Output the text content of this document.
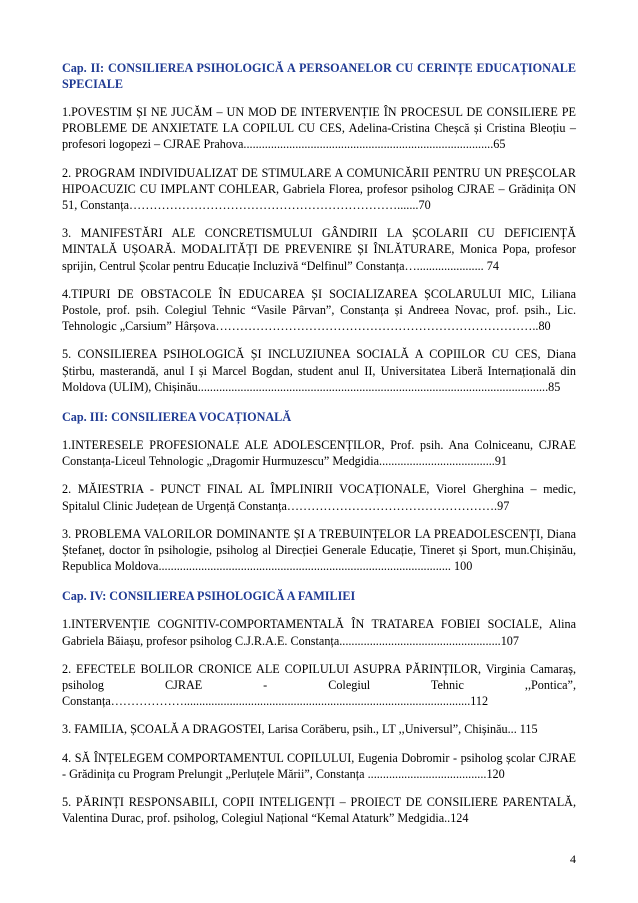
Cap. II: CONSILIEREA PSIHOLOGICĂ A PERSOANELOR CU CERINȚE EDUCAȚIONALE SPECIALE
1.POVESTIM ȘI NE JUCĂM – UN MOD DE INTERVENȚIE ÎN PROCESUL DE CONSILIERE PE PROBLEME DE ANXIETATE LA COPILUL CU CES, Adelina-Cristina Cheșcă și Cristina Bleoțiu – profesori logopezi – CJRAE Prahova..................................................................................65
2. PROGRAM INDIVIDUALIZAT DE STIMULARE A COMUNICĂRII PENTRU UN PREȘCOLAR HIPOACUZIC CU IMPLANT COHLEAR, Gabriela Florea, profesor psiholog CJRAE – Grădinița ON 51, Constanța………………………………………………………….......70
3. MANIFESTĂRI ALE CONCRETISMULUI GÂNDIRII LA ȘCOLARII CU DEFICIENȚĂ MINTALĂ UȘOARĂ. MODALITĂȚI DE PREVENIRE ȘI ÎNLĂTURARE, Monica Popa, profesor sprijin, Centrul Școlar pentru Educație Incluzivă “Delfinul” Constanța…...................... 74
4.TIPURI DE OBSTACOLE ÎN EDUCAREA ȘI SOCIALIZAREA ȘCOLARULUI MIC, Liliana Postole, prof. psih. Colegiul Tehnic “Vasile Pârvan”, Constanța și Andreea Novac, prof. psih., Lic. Tehnologic „Carsium” Hârșova……………………………………………………………………..80
5. CONSILIEREA PSIHOLOGICĂ ȘI INCLUZIUNEA SOCIALĂ A COPIILOR CU CES, Diana Știrbu, masterandă, anul I și Marcel Bogdan, student anul II, Universitatea Liberă Internațională din Moldova (ULIM), Chișinău...................................................................................................................85
Cap. III: CONSILIEREA VOCAȚIONALĂ
1.INTERESELE PROFESIONALE ALE ADOLESCENȚILOR, Prof. psih. Ana Colniceanu, CJRAE Constanța-Liceul Tehnologic „Dragomir Hurmuzescu” Medgidia......................................91
2. MĂIESTRIA - PUNCT FINAL AL ÎMPLINIRII VOCAȚIONALE, Viorel Gherghina – medic, Spitalul Clinic Județean de Urgență Constanța…………………………………………….97
3. PROBLEMA VALORILOR DOMINANTE ȘI A TREBUINȚELOR LA PREADOLESCENȚI, Diana Ștefaneț, doctor în psihologie, psiholog al Direcției Generale Educație, Tineret și Sport, mun.Chișinău, Republica Moldova................................................................................................ 100
Cap. IV: CONSILIEREA PSIHOLOGICĂ A FAMILIEI
1.INTERVENȚIE COGNITIV-COMPORTAMENTALĂ ÎN TRATAREA FOBIEI SOCIALE, Alina Gabriela Băiașu, profesor psiholog C.J.R.A.E. Constanța.....................................................107
2. EFECTELE BOLILOR CRONICE ALE COPILULUI ASUPRA PĂRINȚILOR, Virginia Camaraș, psiholog CJRAE - Colegiul Tehnic ,,Pontica”, Constanța………………..............................................................................................112
3. FAMILIA, ȘCOALĂ A DRAGOSTEI, Larisa Corăberu, psih., LT ,,Universul”, Chișinău... 115
4. SĂ ÎNȚELEGEM COMPORTAMENTUL COPILULUI, Eugenia Dobromir - psiholog școlar CJRAE - Grădinița cu Program Prelungit „Perluțele Mării”, Constanța .......................................120
5. PĂRINȚI RESPONSABILI, COPII INTELIGENȚI – PROIECT DE CONSILIERE PARENTALĂ, Valentina Durac, prof. psiholog, Colegiul Național “Kemal Ataturk” Medgidia..124
4
